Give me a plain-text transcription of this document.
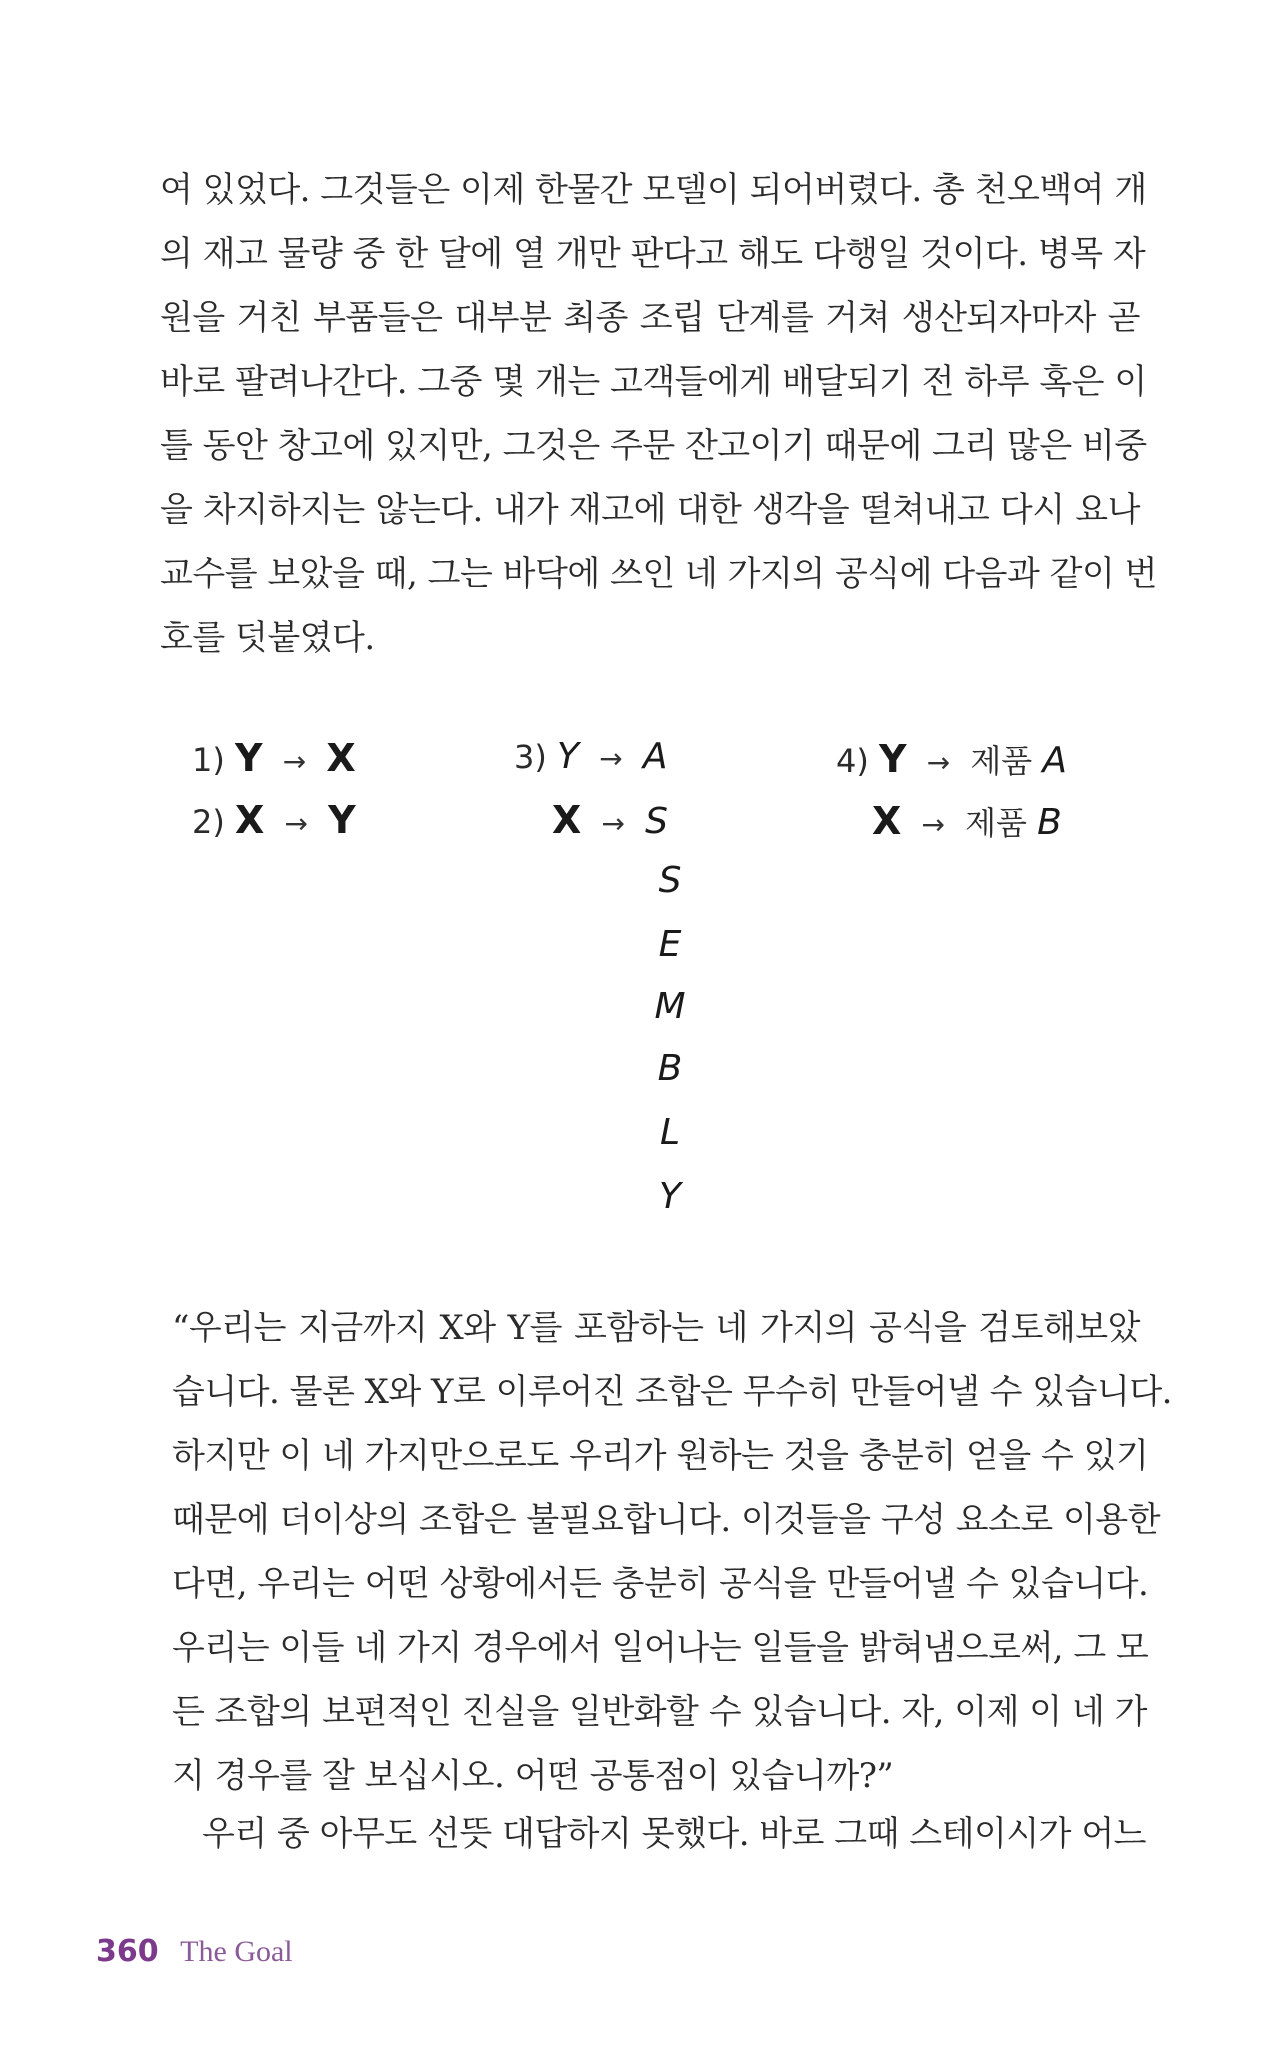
여 있었다. 그것들은 이제 한물간 모델이 되어버렸다. 총 천오백여 개
의 재고 물량 중 한 달에 열 개만 판다고 해도 다행일 것이다. 병목 자
원을 거친 부품들은 대부분 최종 조립 단계를 거쳐 생산되자마자 곧
바로 팔려나간다. 그중 몇 개는 고객들에게 배달되기 전 하루 혹은 이
틀 동안 창고에 있지만, 그것은 주문 잔고이기 때문에 그리 많은 비중
을 차지하지는 않는다. 내가 재고에 대한 생각을 떨쳐내고 다시 요나
교수를 보았을 때, 그는 바닥에 쓰인 네 가지의 공식에 다음과 같이 번
호를 덧붙였다.
1) Y → X
2) X → Y
3) Y → A
X → S
S
E
M
B
L
Y
4) Y → 제품 A
X → 제품 B
“우리는 지금까지 X와 Y를 포함하는 네 가지의 공식을 검토해보았
습니다. 물론 X와 Y로 이루어진 조합은 무수히 만들어낼 수 있습니다.
하지만 이 네 가지만으로도 우리가 원하는 것을 충분히 얻을 수 있기
때문에 더이상의 조합은 불필요합니다. 이것들을 구성 요소로 이용한
다면, 우리는 어떤 상황에서든 충분히 공식을 만들어낼 수 있습니다.
우리는 이들 네 가지 경우에서 일어나는 일들을 밝혀냄으로써, 그 모
든 조합의 보편적인 진실을 일반화할 수 있습니다. 자, 이제 이 네 가
지 경우를 잘 보십시오. 어떤 공통점이 있습니까?”
우리 중 아무도 선뜻 대답하지 못했다. 바로 그때 스테이시가 어느
360 The Goal
